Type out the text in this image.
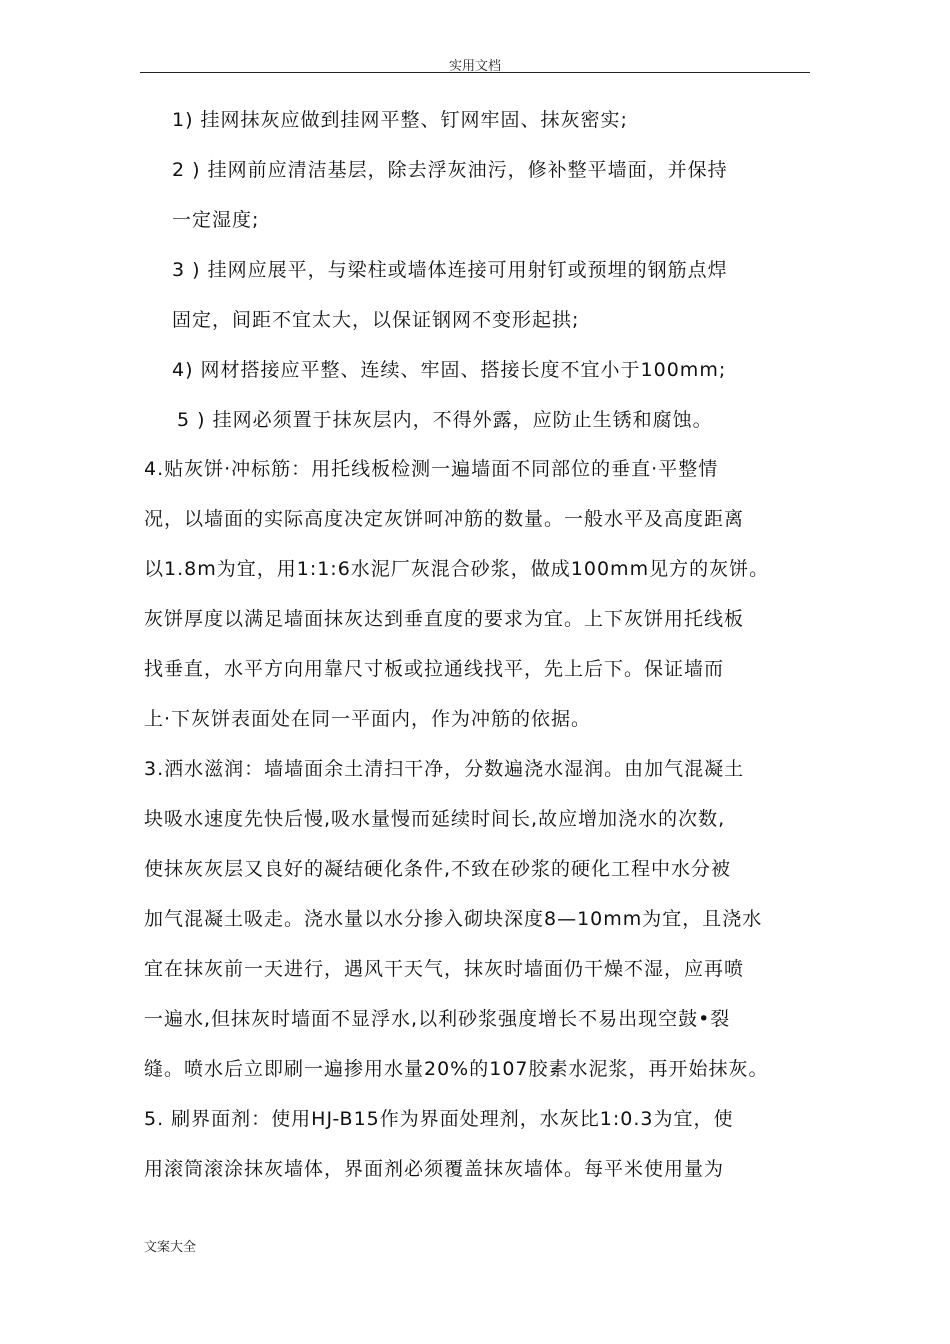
实用文档
1) 挂网抹灰应做到挂网平整、钉网牢固、抹灰密实;
2 ) 挂网前应清洁基层，除去浮灰油污，修补整平墙面，并保持
一定湿度;
3 ) 挂网应展平，与梁柱或墙体连接可用射钉或预埋的钢筋点焊
固定，间距不宜太大，以保证钢网不变形起拱;
4) 网材搭接应平整、连续、牢固、搭接长度不宜小于100mm;
5 ) 挂网必须置于抹灰层内，不得外露，应防止生锈和腐蚀。
4.贴灰饼·冲标筋：用托线板检测一遍墙面不同部位的垂直·平整情
况，以墙面的实际高度决定灰饼呵冲筋的数量。一般水平及高度距离
以1.8m为宜，用1:1:6水泥厂灰混合砂浆，做成100mm见方的灰饼。
灰饼厚度以满足墙面抹灰达到垂直度的要求为宜。上下灰饼用托线板
找垂直，水平方向用靠尺寸板或拉通线找平，先上后下。保证墙而
上·下灰饼表面处在同一平面内，作为冲筋的依据。
3.洒水滋润：墙墙面余土清扫干净，分数遍浇水湿润。由加气混凝土
块吸水速度先快后慢,吸水量慢而延续时间长,故应增加浇水的次数,
使抹灰灰层又良好的凝结硬化条件,不致在砂浆的硬化工程中水分被
加气混凝土吸走。浇水量以水分掺入砌块深度8—10mm为宜，且浇水
宜在抹灰前一天进行，遇风干天气，抹灰时墙面仍干燥不湿，应再喷
一遍水,但抹灰时墙面不显浮水,以利砂浆强度增长不易出现空鼓•裂
缝。喷水后立即刷一遍掺用水量20%的107胶素水泥浆，再开始抹灰。
5. 刷界面剂：使用HJ-B15作为界面处理剂，水灰比1:0.3为宜，使
用滚筒滚涂抹灰墙体，界面剂必须覆盖抹灰墙体。每平米使用量为
文案大全
